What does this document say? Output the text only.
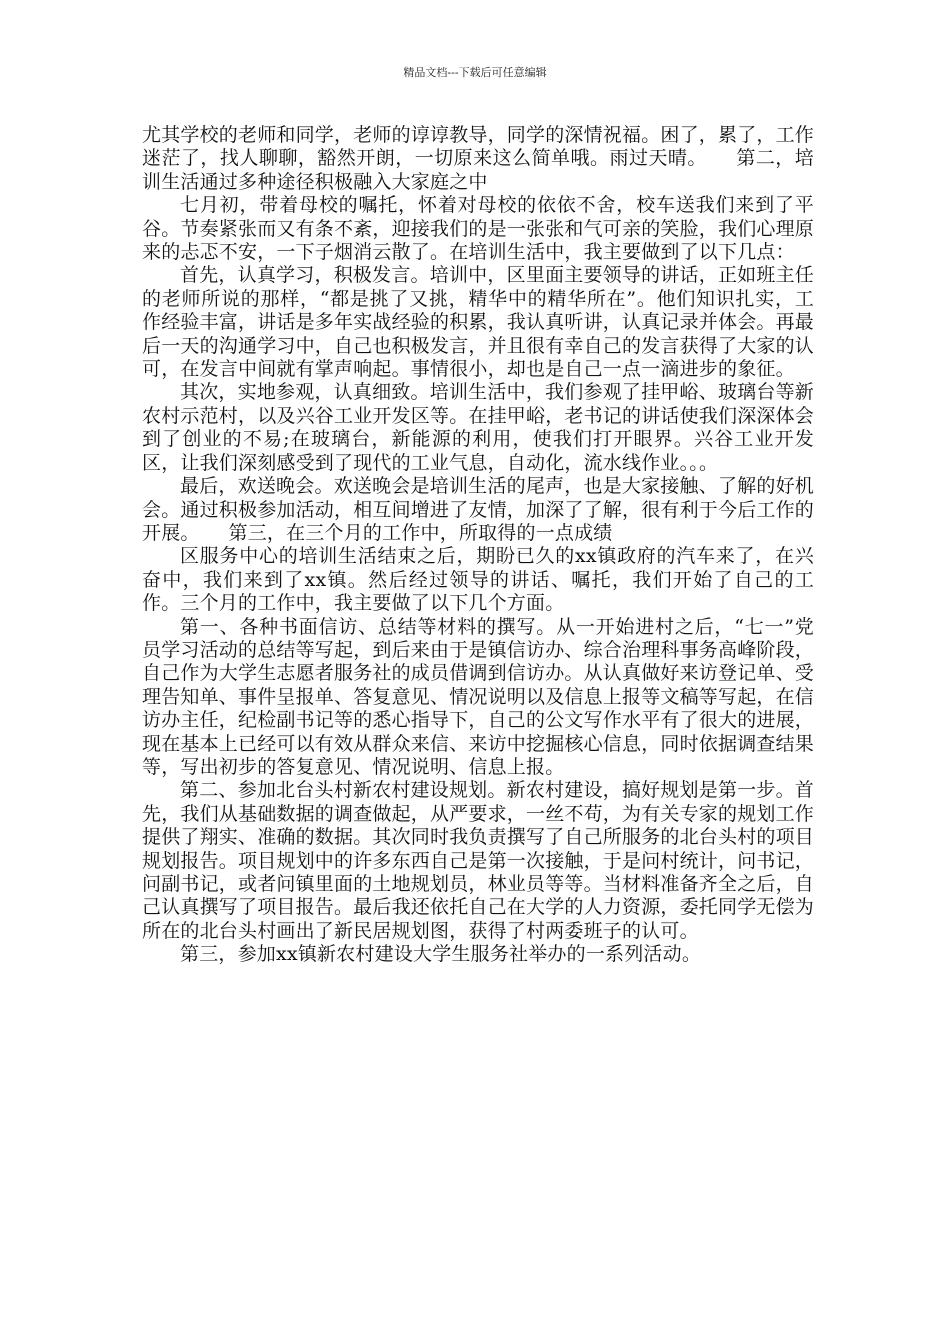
精品文档---下载后可任意编辑

尤其学校的老师和同学，老师的谆谆教导，同学的深情祝福。困了，累了，工作迷茫了，找人聊聊，豁然开朗，一切原来这么简单哦。雨过天晴。　　第二，培训生活通过多种途径积极融入大家庭之中

七月初，带着母校的嘱托，怀着对母校的依依不舍，校车送我们来到了平谷。节奏紧张而又有条不紊，迎接我们的是一张张和气可亲的笑脸，我们心理原来的忐忑不安，一下子烟消云散了。在培训生活中，我主要做到了以下几点：

首先，认真学习，积极发言。培训中，区里面主要领导的讲话，正如班主任的老师所说的那样，“都是挑了又挑，精华中的精华所在”。他们知识扎实，工作经验丰富，讲话是多年实战经验的积累，我认真听讲，认真记录并体会。再最后一天的沟通学习中，自己也积极发言，并且很有幸自己的发言获得了大家的认可，在发言中间就有掌声响起。事情很小，却也是自己一点一滴进步的象征。

其次，实地参观，认真细致。培训生活中，我们参观了挂甲峪、玻璃台等新农村示范村，以及兴谷工业开发区等。在挂甲峪，老书记的讲话使我们深深体会到了创业的不易;在玻璃台，新能源的利用，使我们打开眼界。兴谷工业开发区，让我们深刻感受到了现代的工业气息，自动化，流水线作业。。。

最后，欢送晚会。欢送晚会是培训生活的尾声，也是大家接触、了解的好机会。通过积极参加活动，相互间增进了友情，加深了了解，很有利于今后工作的开展。　　第三，在三个月的工作中，所取得的一点成绩

区服务中心的培训生活结束之后，期盼已久的xx镇政府的汽车来了，在兴奋中，我们来到了xx镇。然后经过领导的讲话、嘱托，我们开始了自己的工作。三个月的工作中，我主要做了以下几个方面。

第一、各种书面信访、总结等材料的撰写。从一开始进村之后，“七一”党员学习活动的总结等写起，到后来由于是镇信访办、综合治理科事务高峰阶段，自己作为大学生志愿者服务社的成员借调到信访办。从认真做好来访登记单、受理告知单、事件呈报单、答复意见、情况说明以及信息上报等文稿等写起，在信访办主任，纪检副书记等的悉心指导下，自己的公文写作水平有了很大的进展，现在基本上已经可以有效从群众来信、来访中挖掘核心信息，同时依据调查结果等，写出初步的答复意见、情况说明、信息上报。

第二、参加北台头村新农村建设规划。新农村建设，搞好规划是第一步。首先，我们从基础数据的调查做起，从严要求，一丝不苟，为有关专家的规划工作提供了翔实、准确的数据。其次同时我负责撰写了自己所服务的北台头村的项目规划报告。项目规划中的许多东西自己是第一次接触，于是问村统计，问书记，问副书记，或者问镇里面的土地规划员，林业员等等。当材料准备齐全之后，自己认真撰写了项目报告。最后我还依托自己在大学的人力资源，委托同学无偿为所在的北台头村画出了新民居规划图，获得了村两委班子的认可。

第三，参加xx镇新农村建设大学生服务社举办的一系列活动。
